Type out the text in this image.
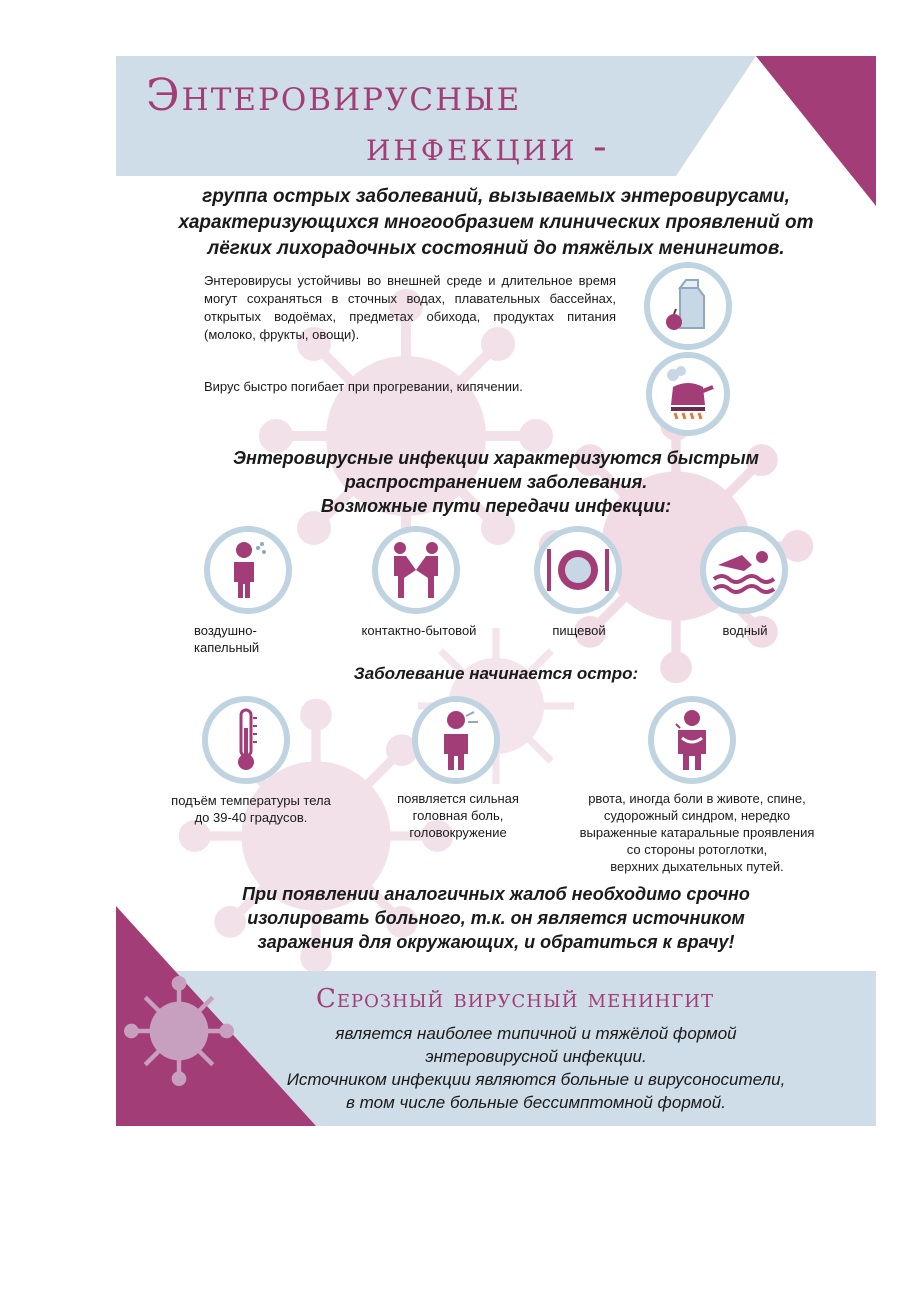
Энтеровирусные
инфекции -
группа острых заболеваний, вызываемых энтеровирусами, характеризующихся многообразием клинических проявлений от лёгких лихорадочных состояний до тяжёлых менингитов.
Энтеровирусы устойчивы во внешней среде и длительное время могут сохраняться в сточных водах, плавательных бассейнах, открытых водоёмах, предметах обихода, продуктах питания (молоко, фрукты, овощи).
Вирус быстро погибает при прогревании, кипячении.
Энтеровирусные инфекции характеризуются быстрым
распространением заболевания.
Возможные пути передачи инфекции:
воздушно-
капельный
контактно-бытовой	пищевой	водный
Заболевание начинается остро:
подъём температуры тела
до 39-40 градусов.
появляется сильная
головная боль,
головокружение
рвота, иногда боли в животе, спине,
судорожный синдром, нередко
выраженные катаральные проявления
со стороны ротоглотки,
верхних дыхательных путей.
При появлении аналогичных жалоб необходимо срочно
изолировать больного, т.к. он является источником
заражения для окружающих, и обратиться к врачу!
Серозный вирусный менингит
является наиболее типичной и тяжёлой формой
энтеровирусной инфекции.
Источником инфекции являются больные и вирусоносители,
в том числе больные бессимптомной формой.
